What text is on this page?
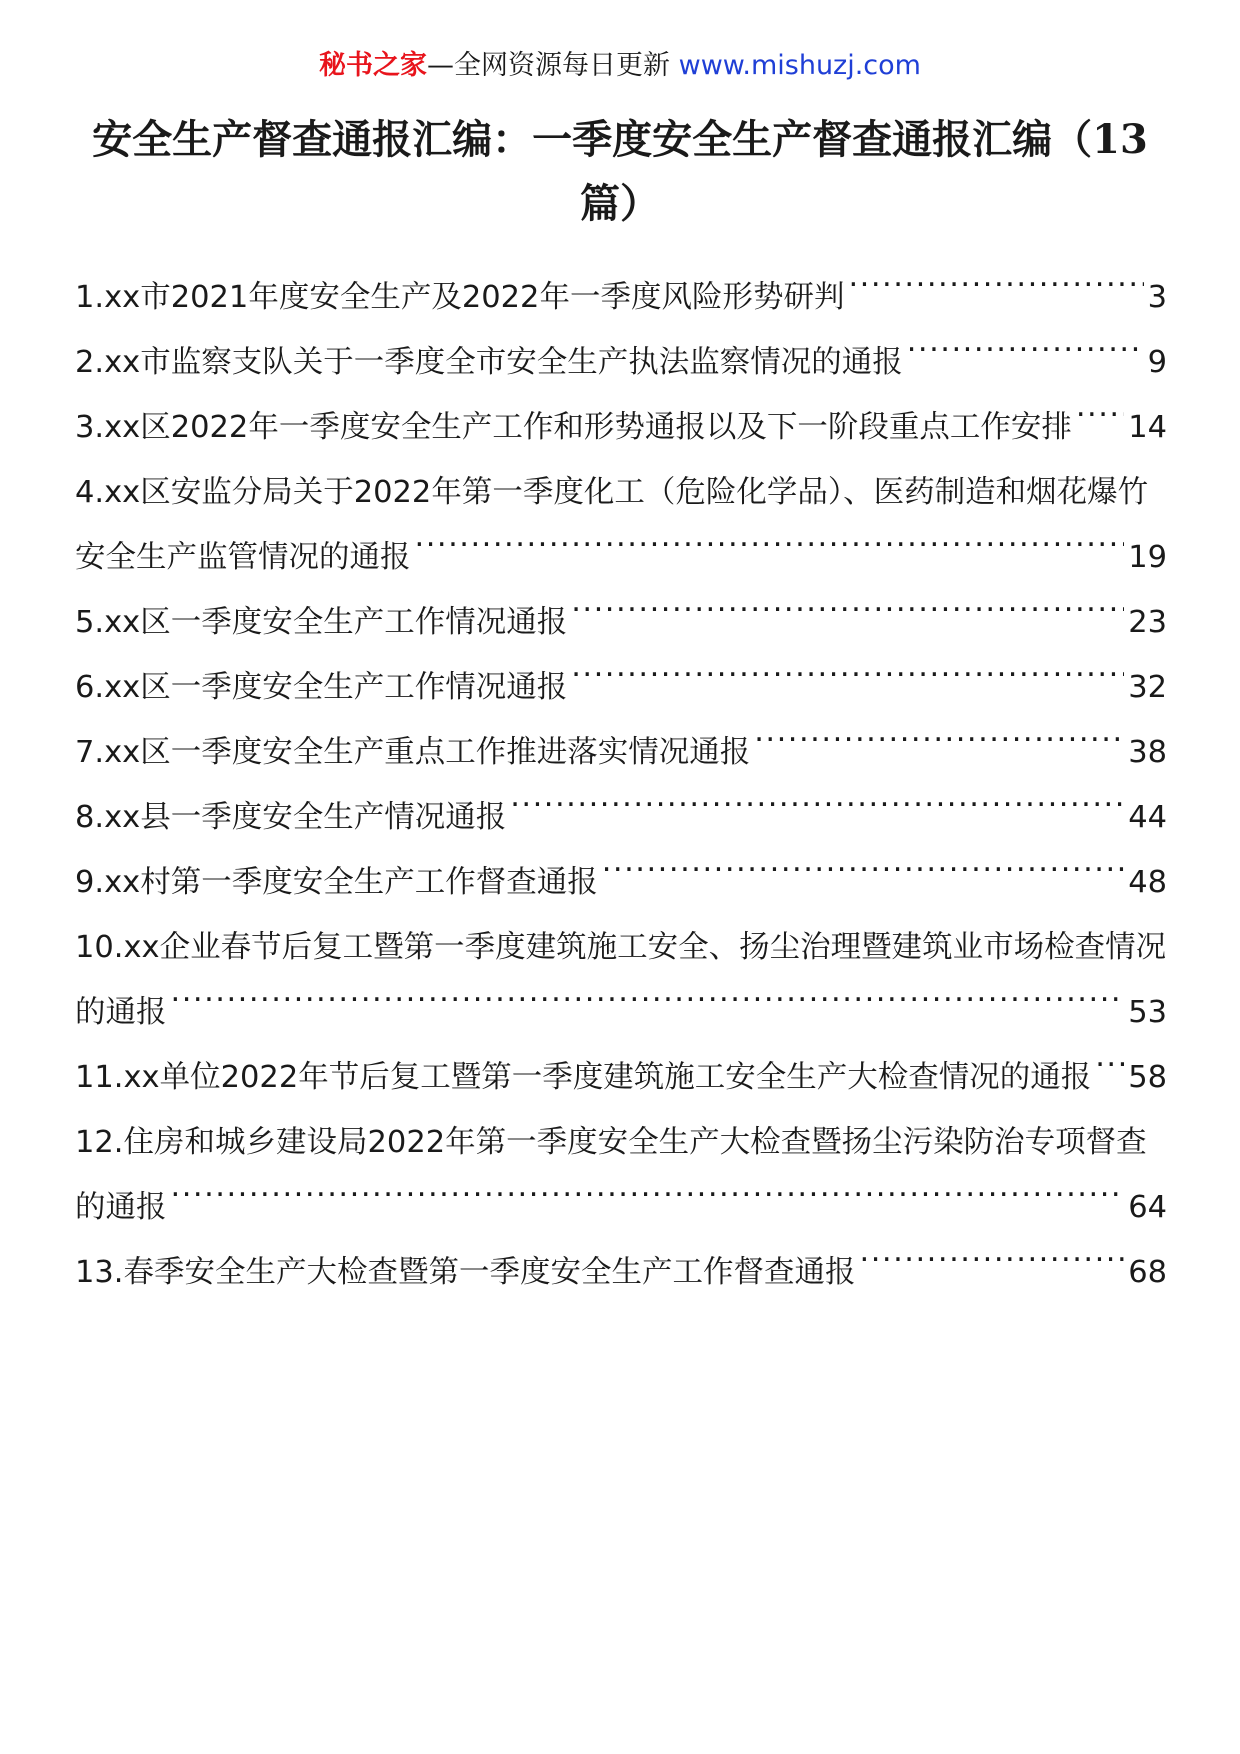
秘书之家—全网资源每日更新 www.mishuzj.com
安全生产督查通报汇编：一季度安全生产督查通报汇编（13篇）
1.xx市2021年度安全生产及2022年一季度风险形势研判	3
2.xx市监察支队关于一季度全市安全生产执法监察情况的通报	9
3.xx区2022年一季度安全生产工作和形势通报以及下一阶段重点工作安排 14
4.xx区安监分局关于2022年第一季度化工（危险化学品）、医药制造和烟花爆竹安全生产监管情况的通报	19
5.xx区一季度安全生产工作情况通报	23
6.xx区一季度安全生产工作情况通报	32
7.xx区一季度安全生产重点工作推进落实情况通报	38
8.xx县一季度安全生产情况通报	44
9.xx村第一季度安全生产工作督查通报	48
10.xx企业春节后复工暨第一季度建筑施工安全、扬尘治理暨建筑业市场检查情况的通报	53
11.xx单位2022年节后复工暨第一季度建筑施工安全生产大检查情况的通报 58
12.住房和城乡建设局2022年第一季度安全生产大检查暨扬尘污染防治专项督查的通报	64
13.春季安全生产大检查暨第一季度安全生产工作督查通报	68
